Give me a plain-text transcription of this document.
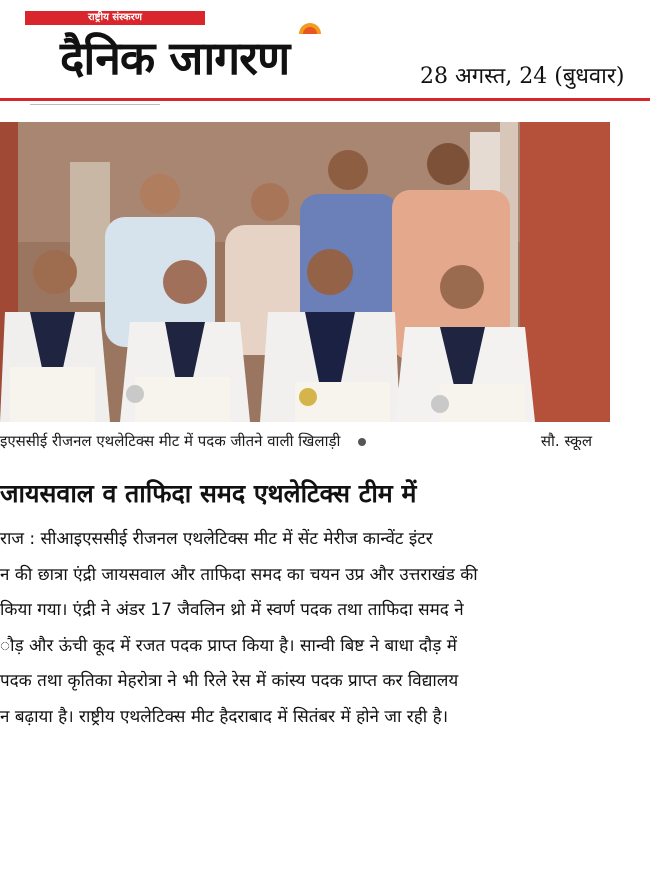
राष्ट्रीय संस्करण
दैनिक जागरण	28 अगस्त, 24 (बुधवार)
इएससीई रीजनल एथलेटिक्स मीट में पदक जीतने वाली खिलाड़ी	सौ. स्कूल
जायसवाल व ताफिदा समद एथलेटिक्स टीम में
राज : सीआइएससीई रीजनल एथलेटिक्स मीट में सेंट मेरीज कान्वेंट इंटर
न की छात्रा एंद्री जायसवाल और ताफिदा समद का चयन उप्र और उत्तराखंड की
किया गया। एंद्री ने अंडर 17 जैवलिन थ्रो में स्वर्ण पदक तथा ताफिदा समद ने
ौड़ और ऊंची कूद में रजत पदक प्राप्त किया है। सान्वी बिष्ट ने बाधा दौड़ में
पदक तथा कृतिका मेहरोत्रा ने भी रिले रेस में कांस्य पदक प्राप्त कर विद्यालय
न बढ़ाया है। राष्ट्रीय एथलेटिक्स मीट हैदराबाद में सितंबर में होने जा रही है।
